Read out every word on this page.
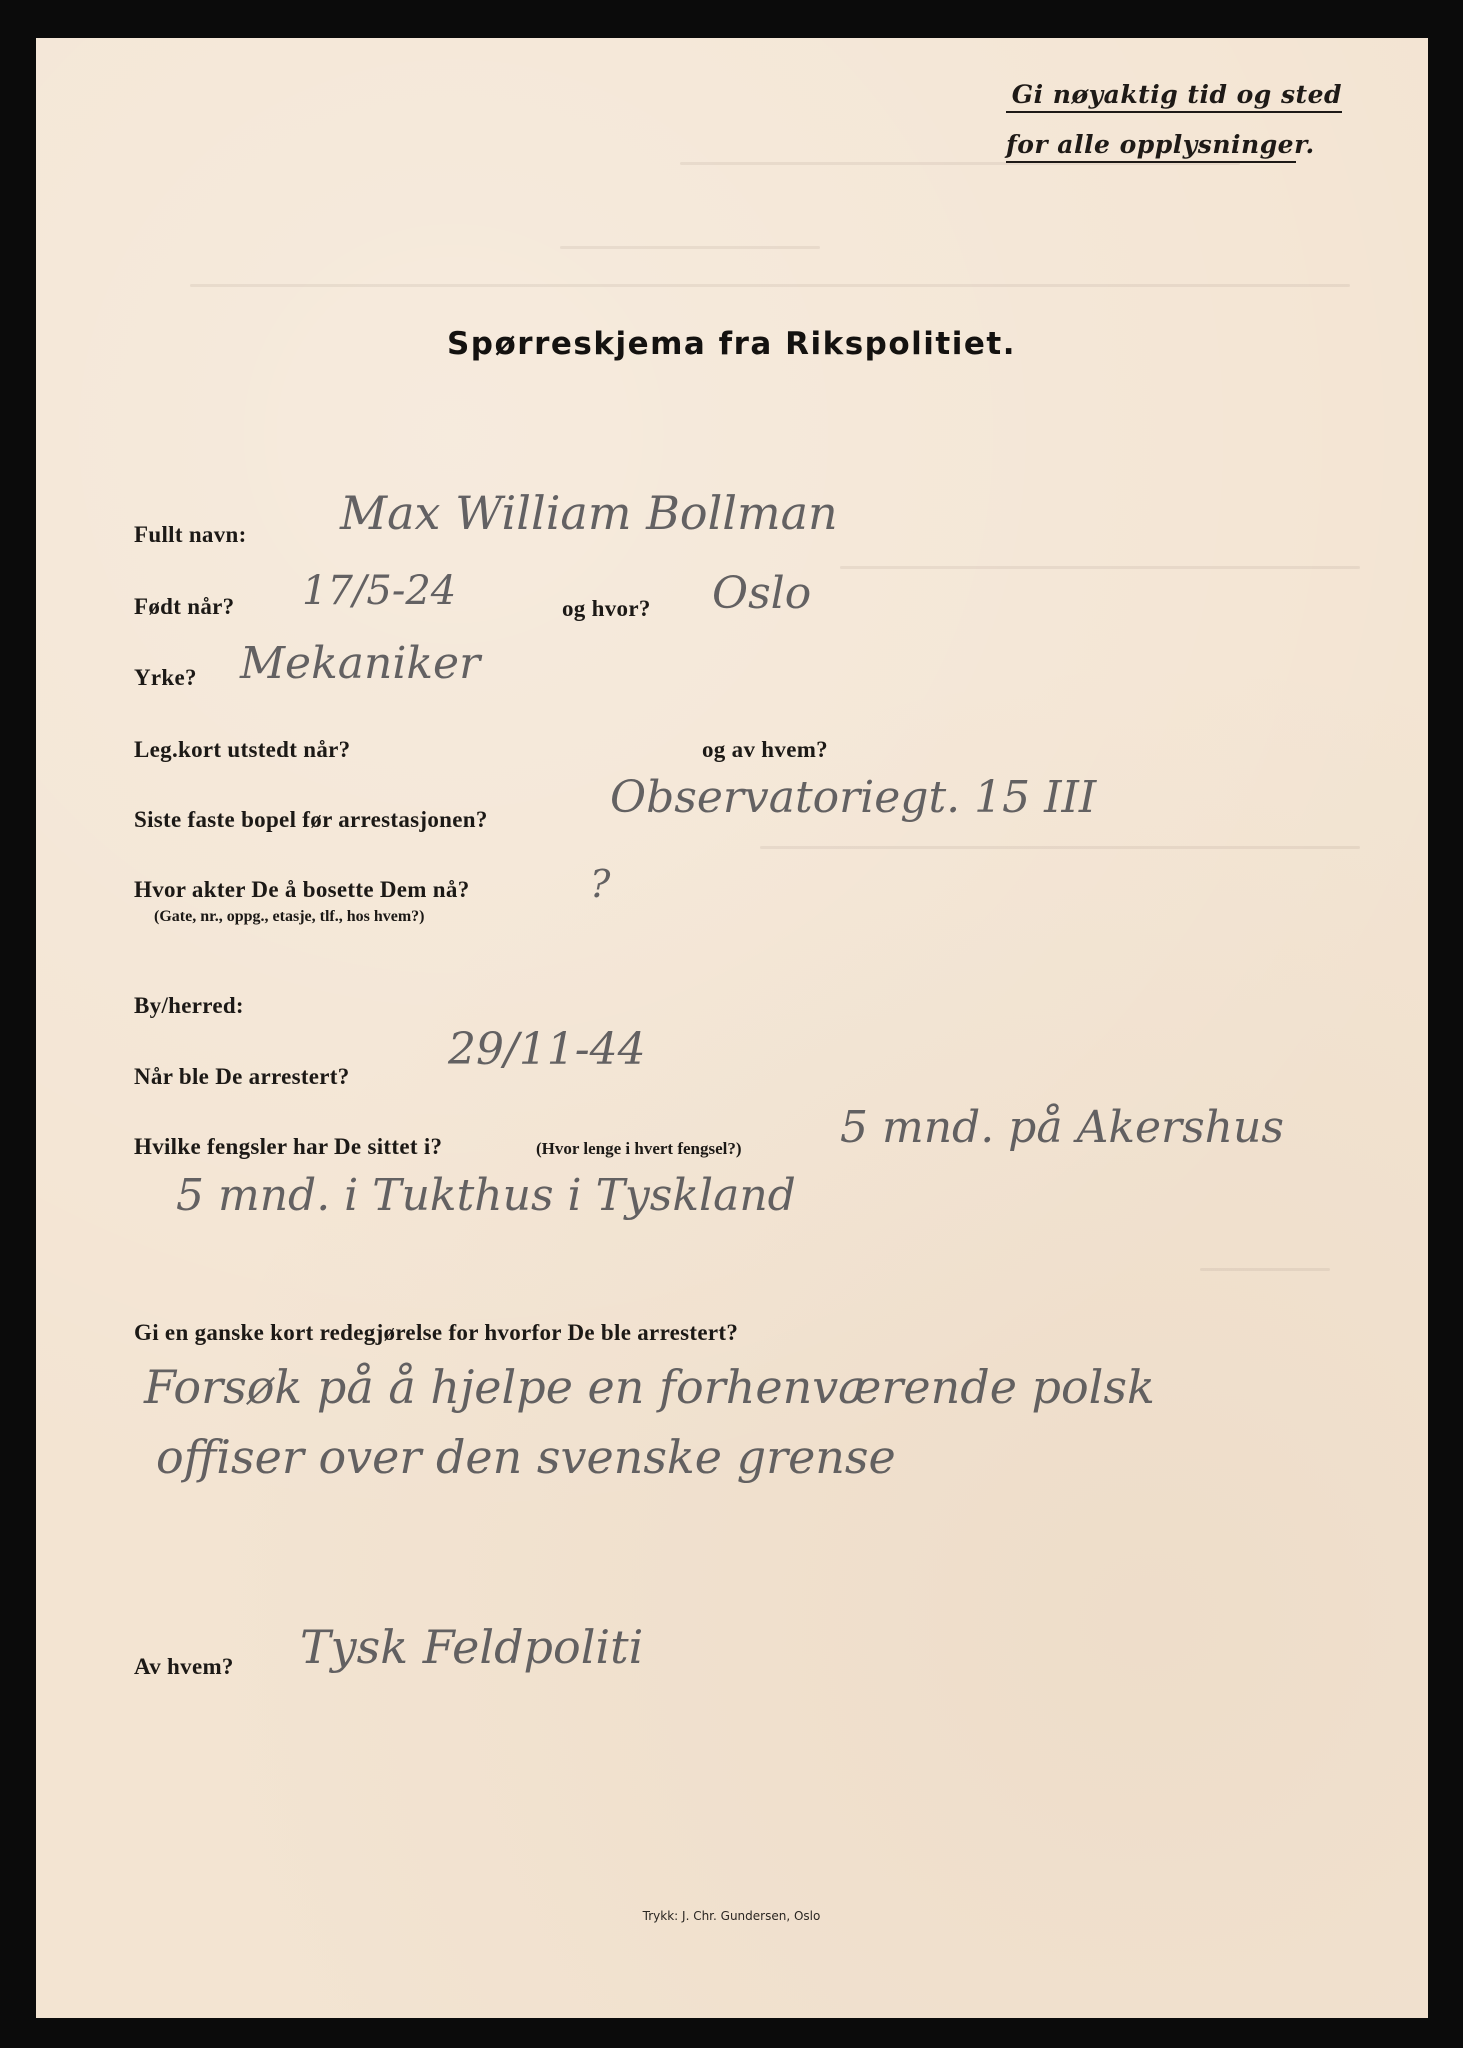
Gi nøyaktig tid og sted
for alle opplysninger.
Spørreskjema fra Rikspolitiet.
Fullt navn: Max William Bollman
Født når? 17/5-24	og hvor? Oslo
Yrke? Mekaniker
Leg.kort utstedt når?	og av hvem?
Siste faste bopel før arrestasjonen?	Observatoriegt. 15 III
Hvor akter De å bosette Dem nå?
(Gate, nr., oppg., etasje, tlf., hos hvem?)
?
By/herred:
Når ble De arrestert?
29/11-44
Hvilke fengsler har De sittet i?	(Hvor lenge i hvert fengsel?) 5 mnd. på Akershus
5 mnd. i Tukthus i Tyskland
Gi en ganske kort redegjørelse for hvorfor De ble arrestert?
Forsøk på å hjelpe en forhenværende polsk
offiser over den svenske grense
Av hvem? Tysk Feldpoliti
Trykk: J. Chr. Gundersen, Oslo
